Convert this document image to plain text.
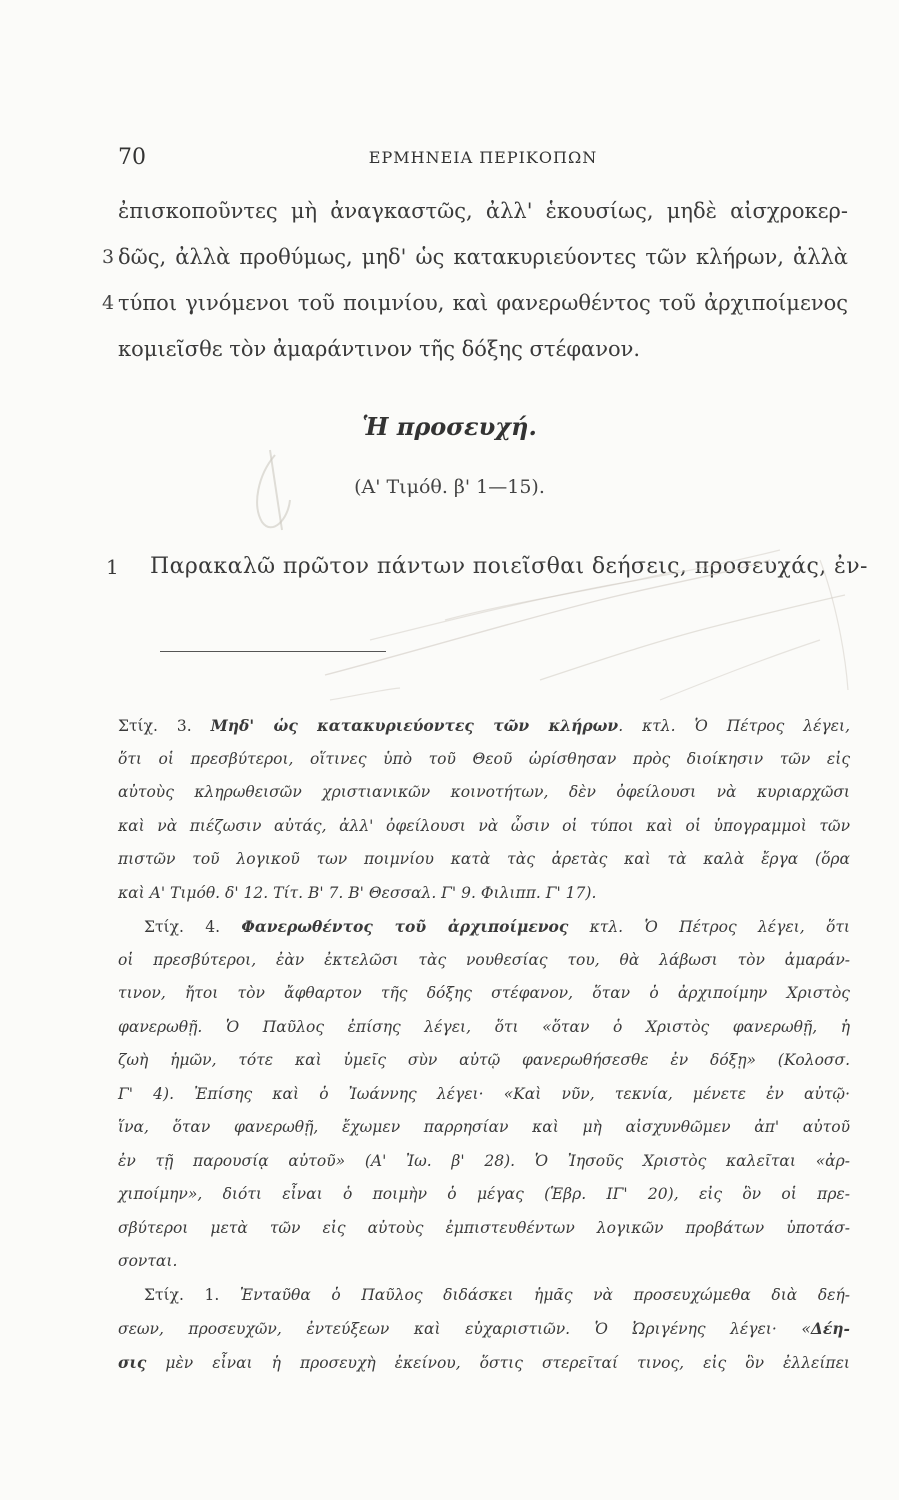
70	ΕΡΜΗΝΕΙΑ ΠΕΡΙΚΟΠΩΝ
ἐπισκοποῦντες μὴ ἀναγκαστῶς, ἀλλ' ἑκουσίως, μηδὲ αἰσχροκερ-
3 δῶς, ἀλλὰ προθύμως, μηδ' ὡς κατακυριεύοντες τῶν κλήρων, ἀλλὰ
4 τύποι γινόμενοι τοῦ ποιμνίου, καὶ φανερωθέντος τοῦ ἀρχιποίμενος
κομιεῖσθε τὸν ἀμαράντινον τῆς δόξης στέφανον.
Ἡ προσευχή.
(Α' Τιμόθ. β' 1—15).
1 Παρακαλῶ πρῶτον πάντων ποιεῖσθαι δεήσεις, προσευχάς, ἐν-
Στίχ. 3. Μηδ' ὡς κατακυριεύοντες τῶν κλήρων. κτλ. Ὁ Πέτρος λέγει,
ὅτι οἱ πρεσβύτεροι, οἵτινες ὑπὸ τοῦ Θεοῦ ὡρίσθησαν πρὸς διοίκησιν τῶν εἰς
αὐτοὺς κληρωθεισῶν χριστιανικῶν κοινοτήτων, δὲν ὀφείλουσι νὰ κυριαρχῶσι
καὶ νὰ πιέζωσιν αὐτάς, ἀλλ' ὀφείλουσι νὰ ὦσιν οἱ τύποι καὶ οἱ ὑπογραμμοὶ τῶν
πιστῶν τοῦ λογικοῦ των ποιμνίου κατὰ τὰς ἀρετὰς καὶ τὰ καλὰ ἔργα (ὅρα
καὶ Α' Τιμόθ. δ' 12. Τίτ. Β' 7. Β' Θεσσαλ. Γ' 9. Φιλιππ. Γ' 17).
Στίχ. 4. Φανερωθέντος τοῦ ἀρχιποίμενος κτλ. Ὁ Πέτρος λέγει, ὅτι
οἱ πρεσβύτεροι, ἐὰν ἐκτελῶσι τὰς νουθεσίας του, θὰ λάβωσι τὸν ἀμαράν-
τινον, ἤτοι τὸν ἄφθαρτον τῆς δόξης στέφανον, ὅταν ὁ ἀρχιποίμην Χριστὸς
φανερωθῇ. Ὁ Παῦλος ἐπίσης λέγει, ὅτι «ὅταν ὁ Χριστὸς φανερωθῇ, ἡ
ζωὴ ἡμῶν, τότε καὶ ὑμεῖς σὺν αὐτῷ φανερωθήσεσθε ἐν δόξῃ» (Κολοσσ.
Γ' 4). Ἐπίσης καὶ ὁ Ἰωάννης λέγει· «Καὶ νῦν, τεκνία, μένετε ἐν αὐτῷ·
ἵνα, ὅταν φανερωθῇ, ἔχωμεν παρρησίαν καὶ μὴ αἰσχυνθῶμεν ἀπ' αὐτοῦ
ἐν τῇ παρουσίᾳ αὐτοῦ» (Α' Ἰω. β' 28). Ὁ Ἰησοῦς Χριστὸς καλεῖται «ἀρ-
χιποίμην», διότι εἶναι ὁ ποιμὴν ὁ μέγας (Ἑβρ. ΙΓ' 20), εἰς ὃν οἱ πρε-
σβύτεροι μετὰ τῶν εἰς αὐτοὺς ἐμπιστευθέντων λογικῶν προβάτων ὑποτάσ-
σονται.
Στίχ. 1. Ἐνταῦθα ὁ Παῦλος διδάσκει ἡμᾶς νὰ προσευχώμεθα διὰ δεή-
σεων, προσευχῶν, ἐντεύξεων καὶ εὐχαριστιῶν. Ὁ Ὠριγένης λέγει· «Δέη-
σις μὲν εἶναι ἡ προσευχὴ ἐκείνου, ὅστις στερεῖταί τινος, εἰς ὃν ἐλλείπει
